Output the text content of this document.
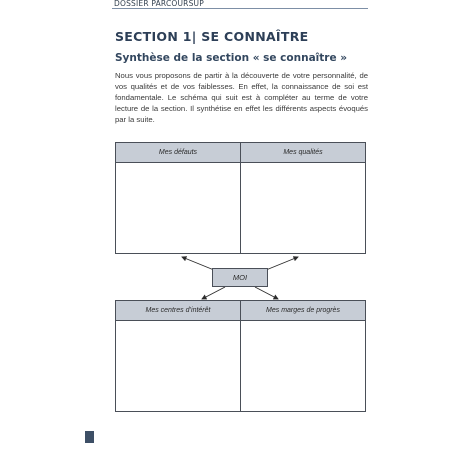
DOSSIER PARCOURSUP
SECTION 1| SE CONNAÎTRE
Synthèse de la section « se connaître »
Nous vous proposons de partir à la découverte de votre personnalité, de vos qualités et de vos faiblesses. En effet, la connaissance de soi est fondamentale. Le schéma qui suit est à compléter au terme de votre lecture de la section. Il synthétise en effet les différents aspects évoqués par la suite.
Mes défauts	Mes qualités
MOI
Mes centres d’intérêt	Mes marges de progrès
